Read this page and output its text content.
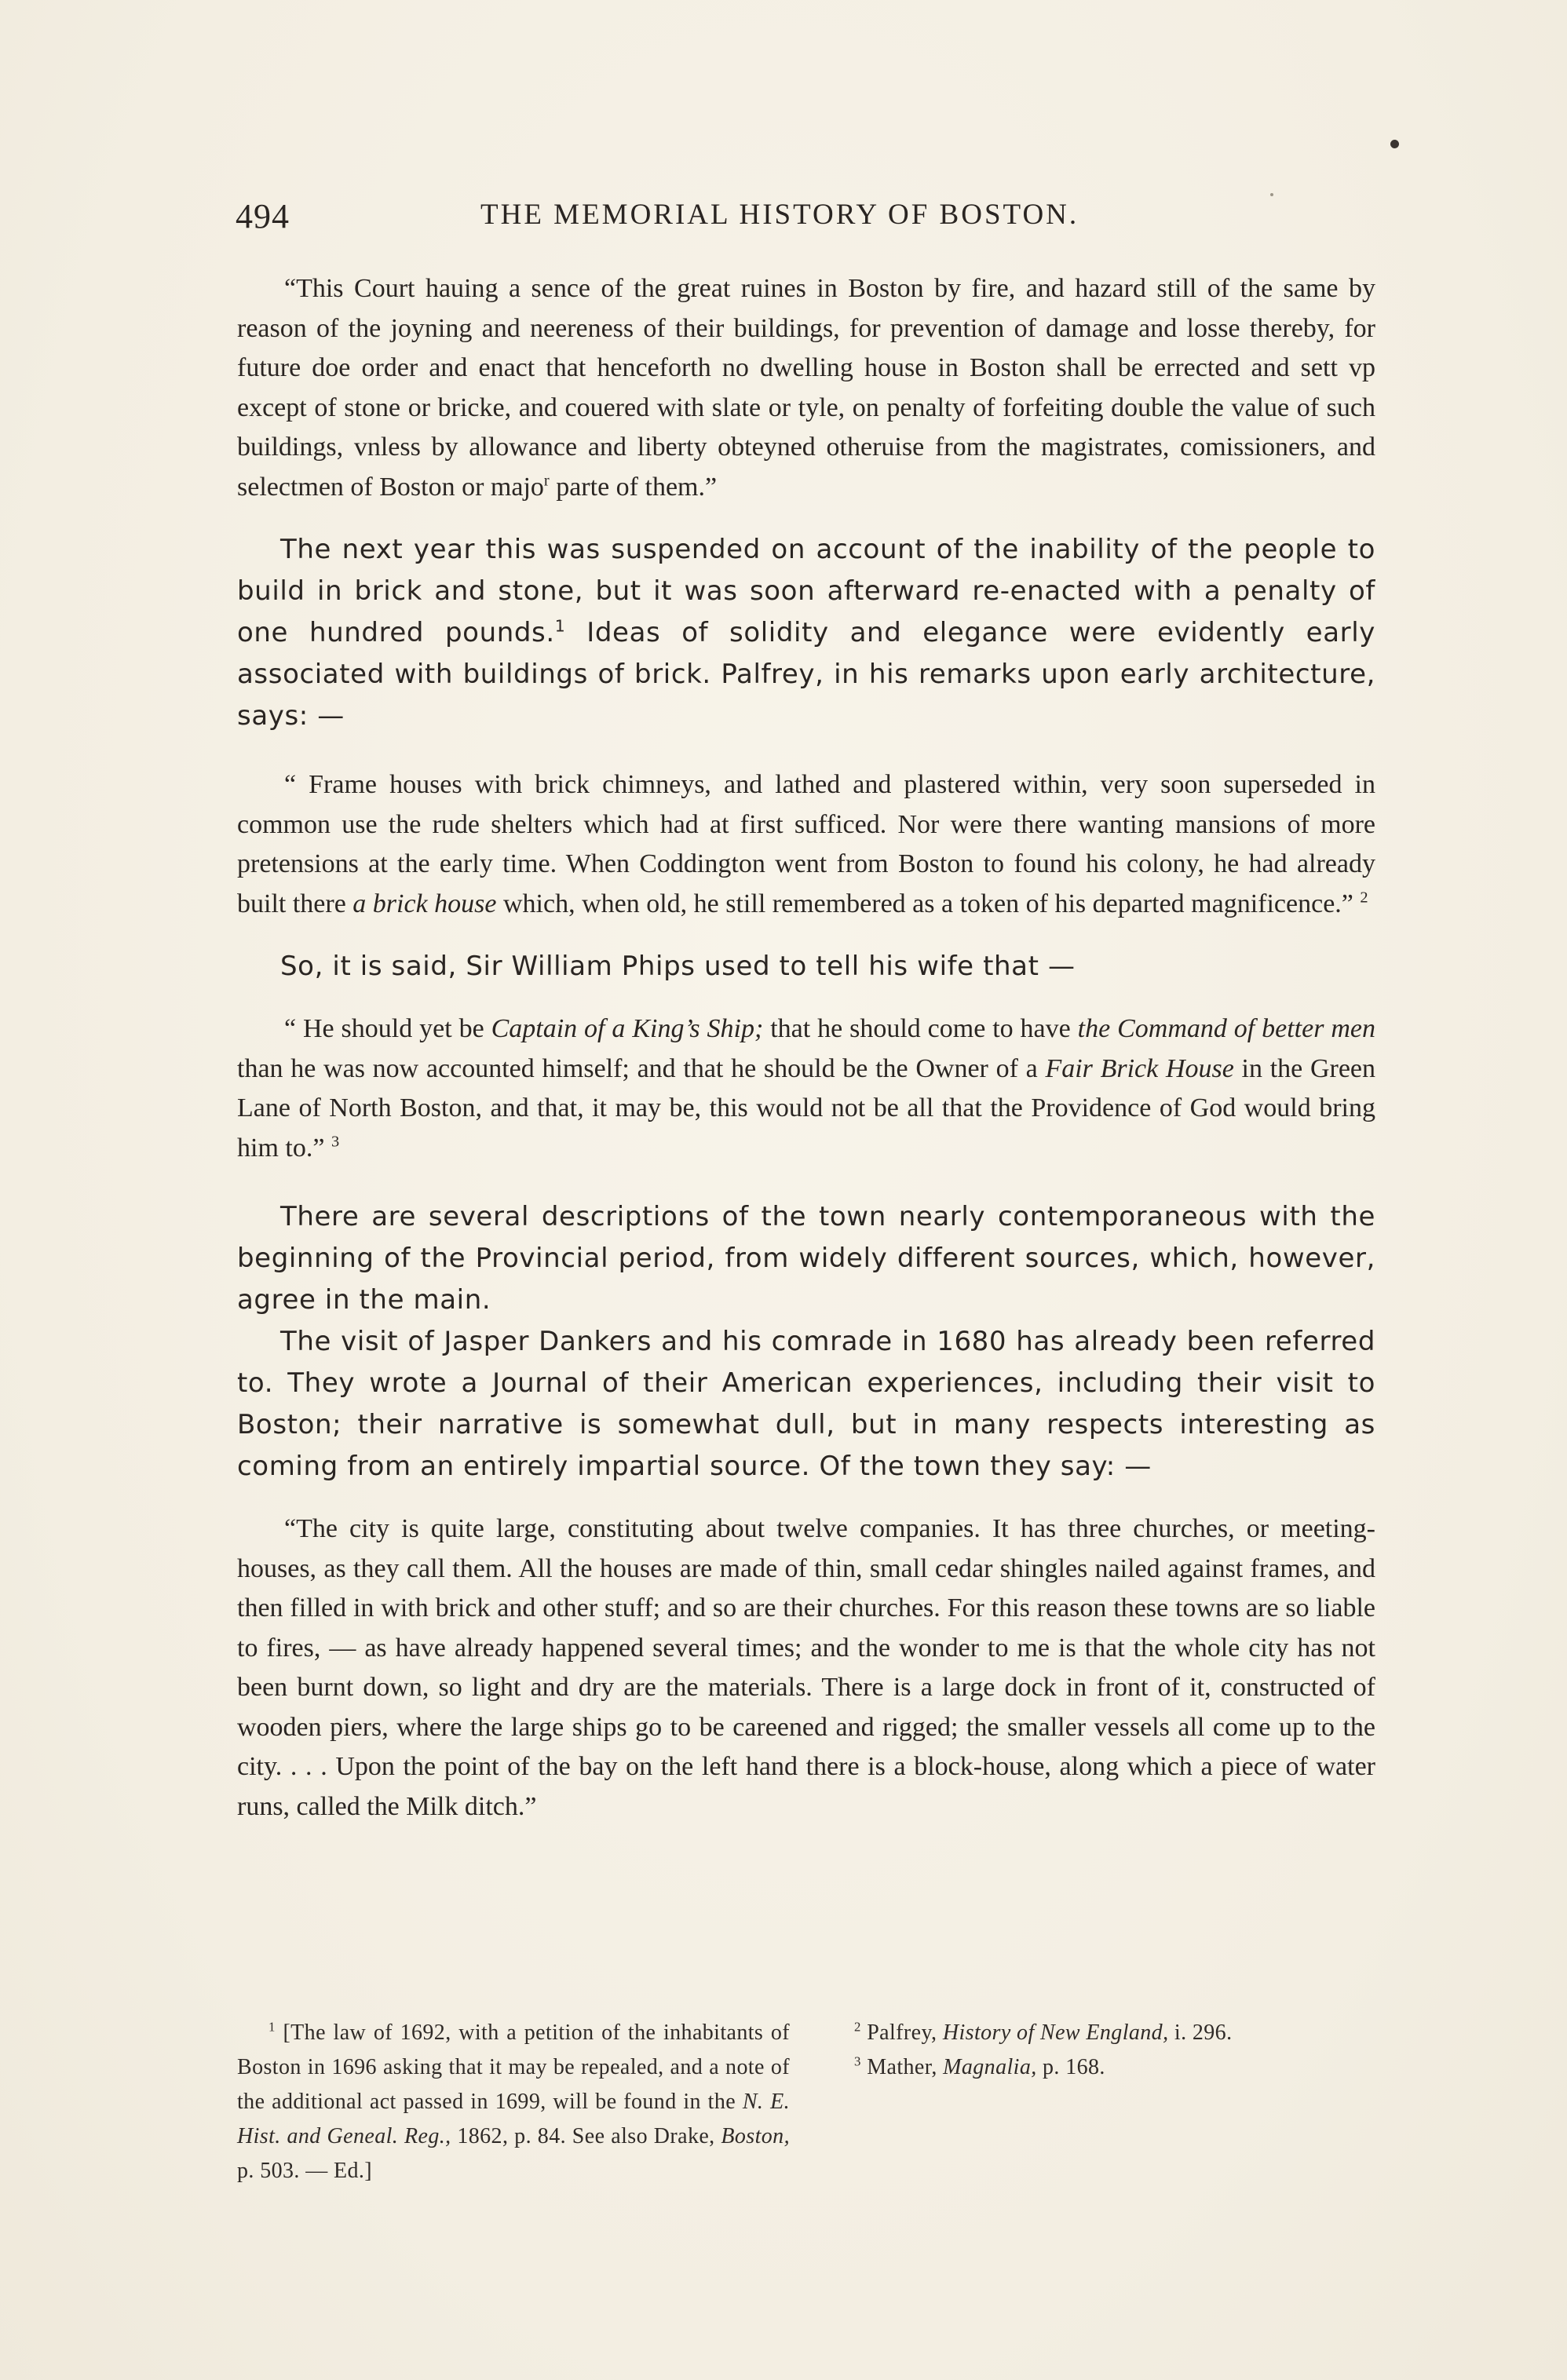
494	THE MEMORIAL HISTORY OF BOSTON.

“This Court hauing a sence of the great ruines in Boston by fire, and hazard still of the same by reason of the joyning and neereness of their buildings, for prevention of damage and losse thereby, for future doe order and enact that henceforth no dwelling house in Boston shall be errected and sett vp except of stone or bricke, and couered with slate or tyle, on penalty of forfeiting double the value of such buildings, vnless by allowance and liberty obteyned otheruise from the magistrates, comissioners, and selectmen of Boston or majo$^r$ parte of them.”

The next year this was suspended on account of the inability of the people to build in brick and stone, but it was soon afterward re-enacted with a penalty of one hundred pounds.$^1$ Ideas of solidity and elegance were evidently early associated with buildings of brick. Palfrey, in his remarks upon early architecture, says: —

“ Frame houses with brick chimneys, and lathed and plastered within, very soon superseded in common use the rude shelters which had at first sufficed. Nor were there wanting mansions of more pretensions at the early time. When Coddington went from Boston to found his colony, he had already built there a brick house which, when old, he still remembered as a token of his departed magnificence.” $^2$

So, it is said, Sir William Phips used to tell his wife that —

“ He should yet be Captain of a King’s Ship; that he should come to have the Command of better men than he was now accounted himself; and that he should be the Owner of a Fair Brick House in the Green Lane of North Boston, and that, it may be, this would not be all that the Providence of God would bring him to.” $^3$

There are several descriptions of the town nearly contemporaneous with the beginning of the Provincial period, from widely different sources, which, however, agree in the main.

The visit of Jasper Dankers and his comrade in 1680 has already been referred to. They wrote a Journal of their American experiences, including their visit to Boston; their narrative is somewhat dull, but in many respects interesting as coming from an entirely impartial source. Of the town they say: —

“The city is quite large, constituting about twelve companies. It has three churches, or meeting-houses, as they call them. All the houses are made of thin, small cedar shingles nailed against frames, and then filled in with brick and other stuff; and so are their churches. For this reason these towns are so liable to fires, — as have already happened several times; and the wonder to me is that the whole city has not been burnt down, so light and dry are the materials. There is a large dock in front of it, constructed of wooden piers, where the large ships go to be careened and rigged; the smaller vessels all come up to the city. . . . Upon the point of the bay on the left hand there is a block-house, along which a piece of water runs, called the Milk ditch.”

$^1$ [The law of 1692, with a petition of the inhabitants of Boston in 1696 asking that it may be repealed, and a note of the additional act passed in 1699, will be found in the N. E. Hist. and Geneal. Reg., 1862, p. 84. See also Drake, Boston, p. 503. — Ed.]

$^2$ Palfrey, History of New England, i. 296.

$^3$ Mather, Magnalia, p. 168.
